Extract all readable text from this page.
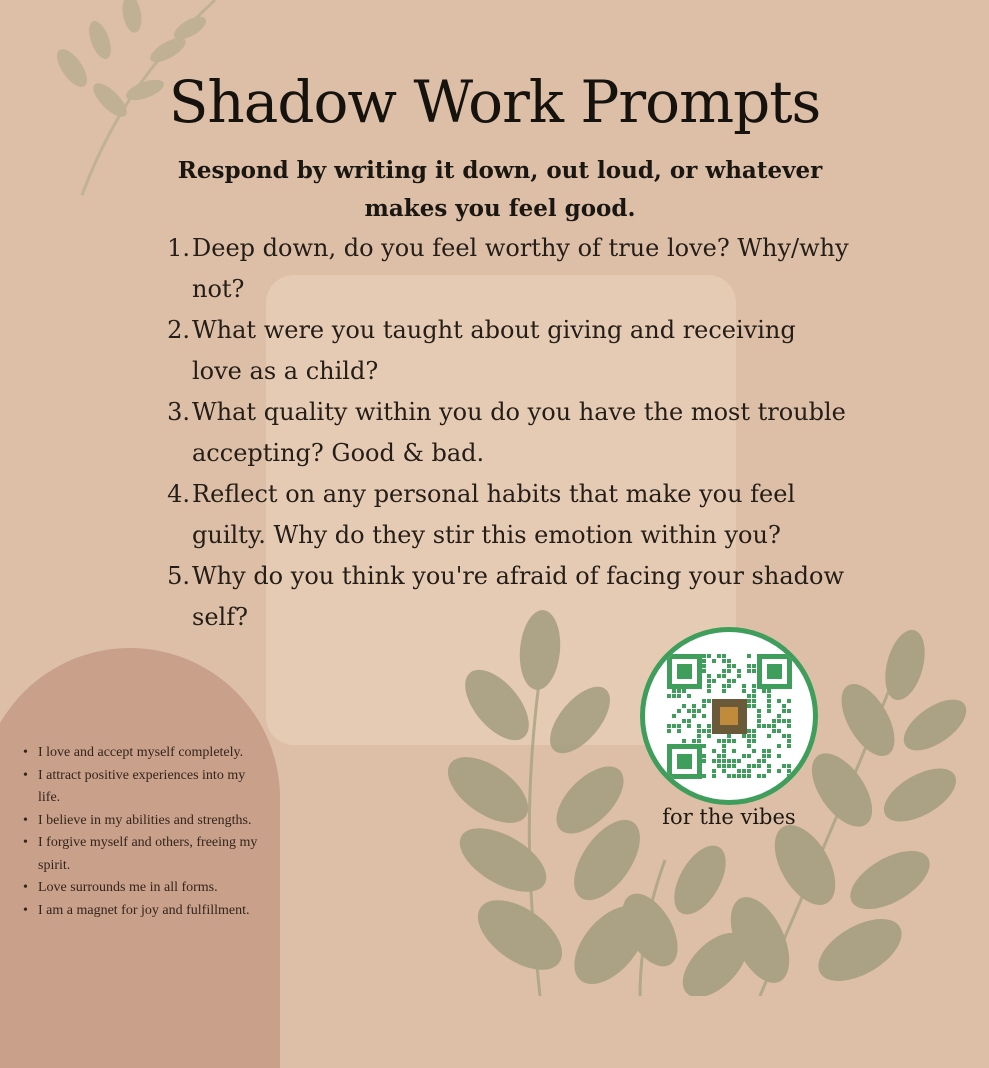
Shadow Work Prompts
Respond by writing it down, out loud, or whatever makes you feel good.
1. Deep down, do you feel worthy of true love? Why/why not?
2. What were you taught about giving and receiving love as a child?
3. What quality within you do you have the most trouble accepting? Good & bad.
4. Reflect on any personal habits that make you feel guilty. Why do they stir this emotion within you?
5. Why do you think you're afraid of facing your shadow self?
• I love and accept myself completely.
• I attract positive experiences into my life.
• I believe in my abilities and strengths.
• I forgive myself and others, freeing my spirit.
• Love surrounds me in all forms.
• I am a magnet for joy and fulfillment.
for the vibes
